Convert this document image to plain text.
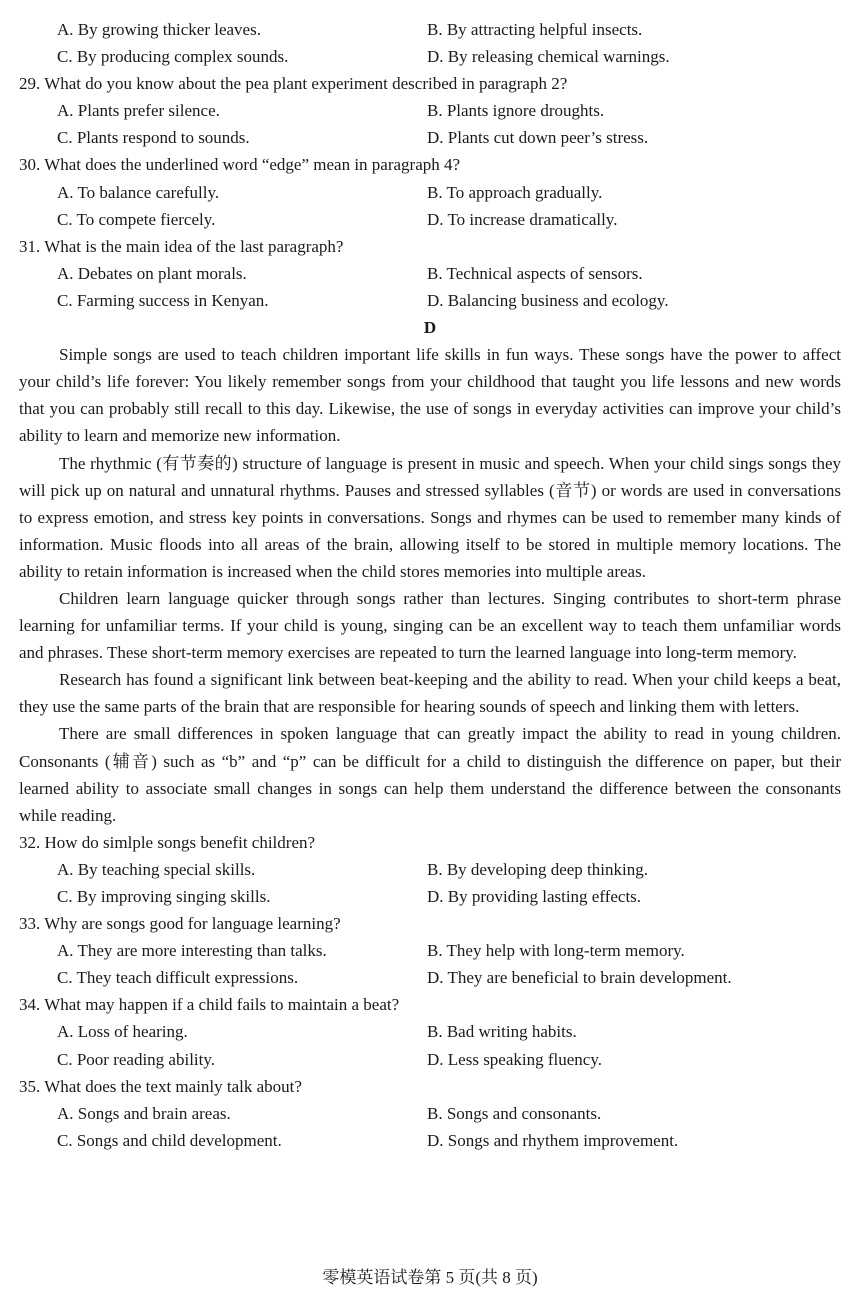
A. By growing thicker leaves.	B. By attracting helpful insects.
C. By producing complex sounds.	D. By releasing chemical warnings.
29. What do you know about the pea plant experiment described in paragraph 2?
A. Plants prefer silence.	B. Plants ignore droughts.
C. Plants respond to sounds.	D. Plants cut down peer’s stress.
30. What does the underlined word “edge” mean in paragraph 4?
A. To balance carefully.	B. To approach gradually.
C. To compete fiercely.	D. To increase dramatically.
31. What is the main idea of the last paragraph?
A. Debates on plant morals.	B. Technical aspects of sensors.
C. Farming success in Kenyan.	D. Balancing business and ecology.
D

Simple songs are used to teach children important life skills in fun ways. These songs have the power to affect your child’s life forever: You likely remember songs from your childhood that taught you life lessons and new words that you can probably still recall to this day. Likewise, the use of songs in everyday activities can improve your child’s ability to learn and memorize new information.

The rhythmic (有节奏的) structure of language is present in music and speech. When your child sings songs they will pick up on natural and unnatural rhythms. Pauses and stressed syllables (音节) or words are used in conversations to express emotion, and stress key points in conversations. Songs and rhymes can be used to remember many kinds of information. Music floods into all areas of the brain, allowing itself to be stored in multiple memory locations. The ability to retain information is increased when the child stores memories into multiple areas.

Children learn language quicker through songs rather than lectures. Singing contributes to short-term phrase learning for unfamiliar terms. If your child is young, singing can be an excellent way to teach them unfamiliar words and phrases. These short-term memory exercises are repeated to turn the learned language into long-term memory.

Research has found a significant link between beat-keeping and the ability to read. When your child keeps a beat, they use the same parts of the brain that are responsible for hearing sounds of speech and linking them with letters.

There are small differences in spoken language that can greatly impact the ability to read in young children. Consonants (辅音) such as “b” and “p” can be difficult for a child to distinguish the difference on paper, but their learned ability to associate small changes in songs can help them understand the difference between the consonants while reading.

32. How do simlple songs benefit children?
A. By teaching special skills.	B. By developing deep thinking.
C. By improving singing skills.	D. By providing lasting effects.
33. Why are songs good for language learning?
A. They are more interesting than talks.	B. They help with long-term memory.
C. They teach difficult expressions.	D. They are beneficial to brain development.
34. What may happen if a child fails to maintain a beat?
A. Loss of hearing.	B. Bad writing habits.
C. Poor reading ability.	D. Less speaking fluency.
35. What does the text mainly talk about?
A. Songs and brain areas.	B. Songs and consonants.
C. Songs and child development.	D. Songs and rhythem improvement.
零模英语试卷第 5 页(共 8 页)
